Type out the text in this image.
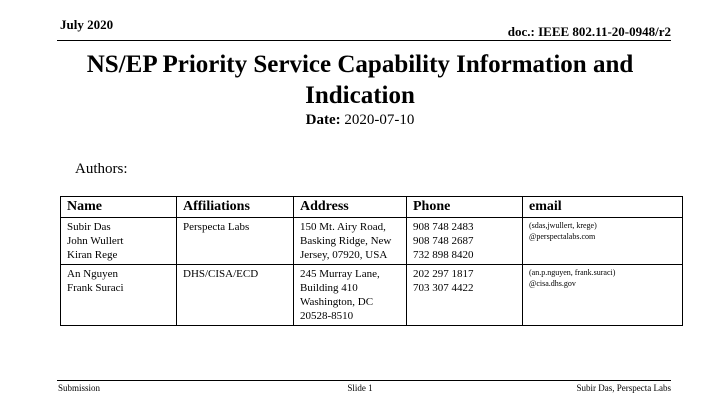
July 2020	doc.: IEEE 802.11-20-0948/r2
NS/EP Priority Service Capability Information and
Indication
Date: 2020-07-10
Authors:
Name	Affiliations	Address	Phone	email

Subir Das
John Wullert
Kiran Rege	Perspecta Labs	150 Mt. Airy Road,
Basking Ridge, New
Jersey, 07920, USA	908 748 2483
908 748 2687
732 898 8420	(sdas,jwullert, krege)
@perspectalabs.com

An Nguyen
Frank Suraci	DHS/CISA/ECD	245 Murray Lane,
Building 410
Washington, DC
20528-8510	202 297 1817
703 307 4422	(an.p.nguyen, frank.suraci)
@cisa.dhs.gov
Submission	Slide 1	Subir Das, Perspecta Labs
